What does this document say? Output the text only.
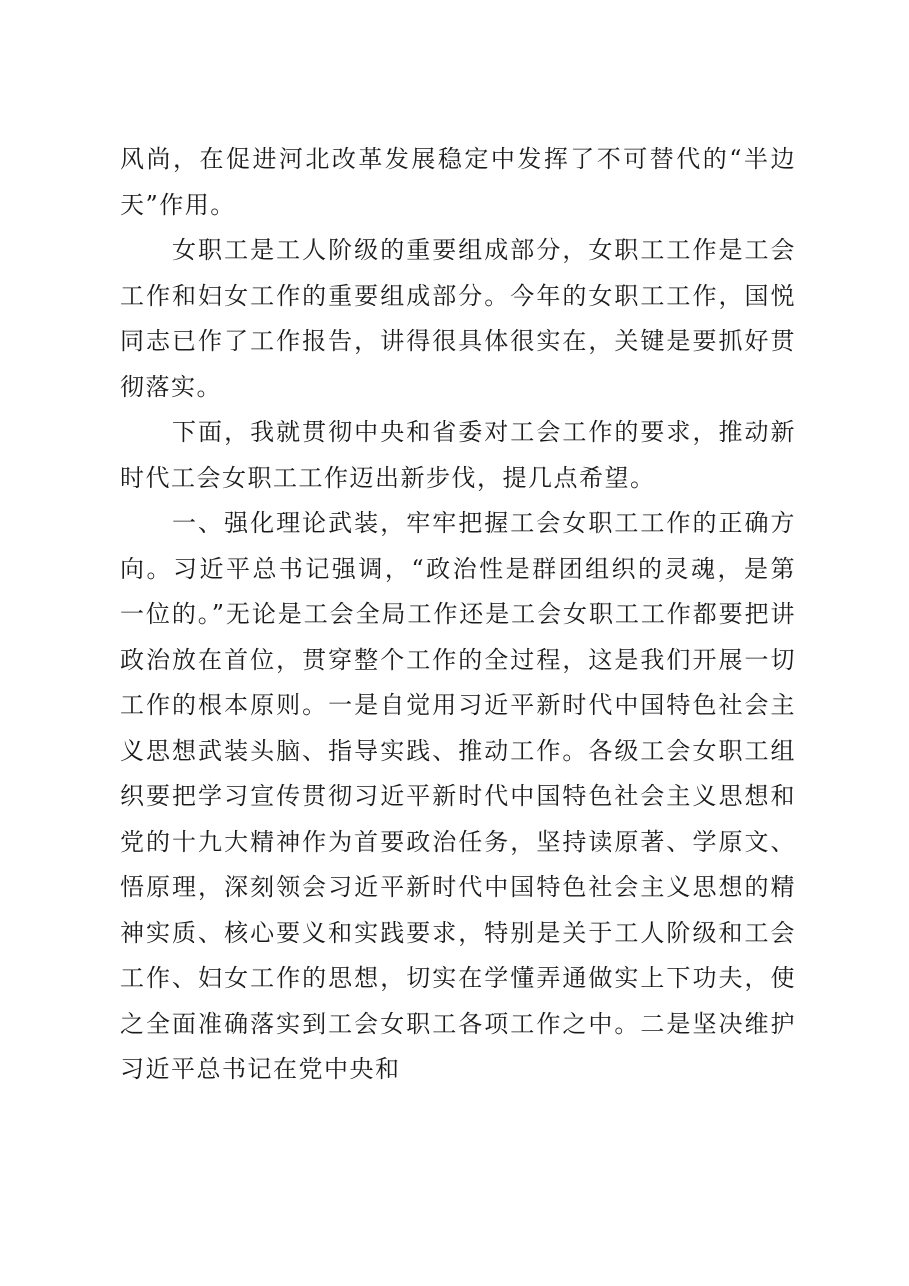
风尚，在促进河北改革发展稳定中发挥了不可替代的“半边天”作用。

　　女职工是工人阶级的重要组成部分，女职工工作是工会工作和妇女工作的重要组成部分。今年的女职工工作，国悦同志已作了工作报告，讲得很具体很实在，关键是要抓好贯彻落实。

　　下面，我就贯彻中央和省委对工会工作的要求，推动新时代工会女职工工作迈出新步伐，提几点希望。

　　一、强化理论武装，牢牢把握工会女职工工作的正确方向。习近平总书记强调，“政治性是群团组织的灵魂，是第一位的。”无论是工会全局工作还是工会女职工工作都要把讲政治放在首位，贯穿整个工作的全过程，这是我们开展一切工作的根本原则。一是自觉用习近平新时代中国特色社会主义思想武装头脑、指导实践、推动工作。各级工会女职工组织要把学习宣传贯彻习近平新时代中国特色社会主义思想和党的十九大精神作为首要政治任务，坚持读原著、学原文、悟原理，深刻领会习近平新时代中国特色社会主义思想的精神实质、核心要义和实践要求，特别是关于工人阶级和工会工作、妇女工作的思想，切实在学懂弄通做实上下功夫，使之全面准确落实到工会女职工各项工作之中。二是坚决维护习近平总书记在党中央和
